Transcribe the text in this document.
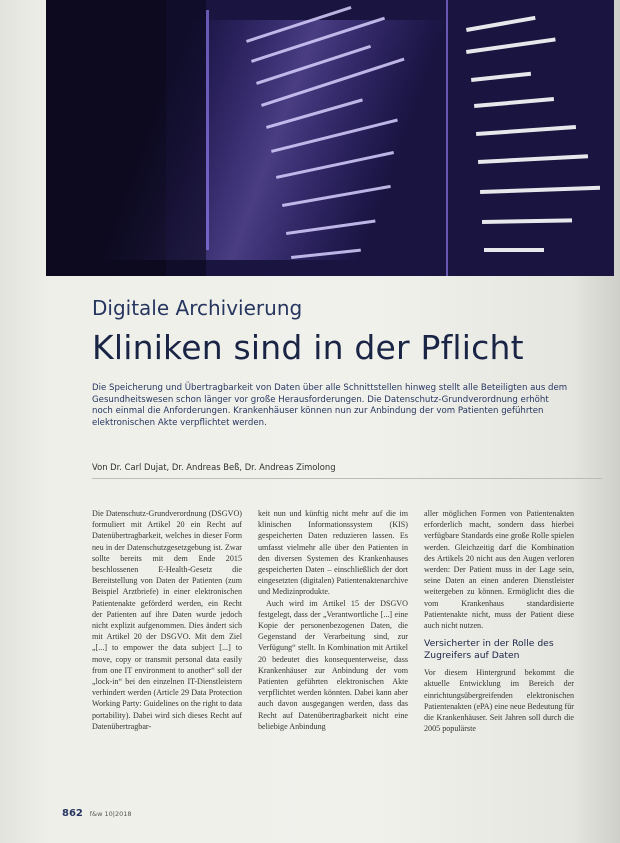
Digitale Archivierung
Kliniken sind in der Pflicht
Die Speicherung und Übertragbarkeit von Daten über alle Schnittstellen hinweg stellt alle Beteiligten aus dem Gesundheitswesen schon länger vor große Herausforderungen. Die Datenschutz-Grundverordnung erhöht noch einmal die Anforderungen. Krankenhäuser können nun zur Anbindung der vom Patienten geführten elektronischen Akte verpflichtet werden.
Von Dr. Carl Dujat, Dr. Andreas Beß, Dr. Andreas Zimolong

Die Datenschutz-Grundverordnung (DSGVO) formuliert mit Artikel 20 ein Recht auf Datenübertragbarkeit, welches in dieser Form neu in der Datenschutzgesetzgebung ist. Zwar sollte bereits mit dem Ende 2015 beschlossenen E-Health-Gesetz die Bereitstellung von Daten der Patienten (zum Beispiel Arztbriefe) in einer elektronischen Patientenakte geförderd werden, ein Recht der Patienten auf ihre Daten wurde jedoch nicht explizit aufgenommen. Dies ändert sich mit Artikel 20 der DSGVO. Mit dem Ziel „[...] to empower the data subject [...] to move, copy or transmit personal data easily from one IT environment to another“ soll der „lock-in“ bei den einzelnen IT-Dienstleistern verhindert werden (Article 29 Data Protection Working Party: Guidelines on the right to data portability). Dabei wird sich dieses Recht auf Datenübertragbar-

keit nun und künftig nicht mehr auf die im klinischen Informationssystem (KIS) gespeicherten Daten reduzieren lassen. Es umfasst vielmehr alle über den Patienten in den diversen Systemen des Krankenhauses gespeicherten Daten – einschließlich der dort eingesetzten (digitalen) Patientenaktenarchive und Medizinprodukte.

Auch wird im Artikel 15 der DSGVO festgelegt, dass der „Verantwortliche [...] eine Kopie der personenbezogenen Daten, die Gegenstand der Verarbeitung sind, zur Verfügung“ stellt. In Kombination mit Artikel 20 bedeutet dies konsequenterweise, dass Krankenhäuser zur Anbindung der vom Patienten geführten elektronischen Akte verpflichtet werden könnten. Dabei kann aber auch davon ausgegangen werden, dass das Recht auf Datenübertragbarkeit nicht eine beliebige Anbindung

aller möglichen Formen von Patientenakten erforderlich macht, sondern dass hierbei verfügbare Standards eine große Rolle spielen werden. Gleichzeitig darf die Kombination des Artikels 20 nicht aus den Augen verloren werden: Der Patient muss in der Lage sein, seine Daten an einen anderen Dienstleister weitergeben zu können. Ermöglicht dies die vom Krankenhaus standardisierte Patientenakte nicht, muss der Patient diese auch nicht nutzen.

Versicherter in der Rolle des Zugreifers auf Daten

Vor diesem Hintergrund bekommt die aktuelle Entwicklung im Bereich der einrichtungsübergreifenden elektronischen Patientenakten (ePA) eine neue Bedeutung für die Krankenhäuser. Seit Jahren soll durch die 2005 populärste

862 f&w 10|2018
